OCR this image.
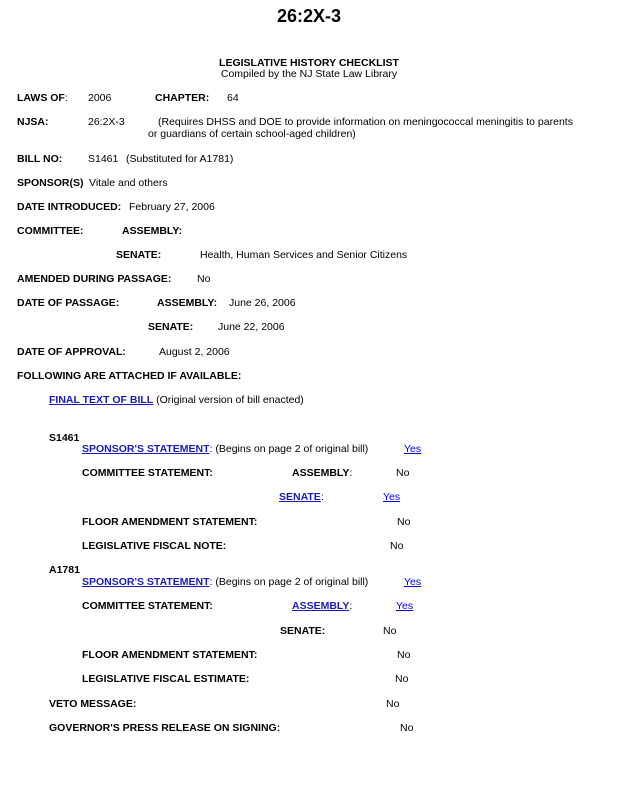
26:2X-3
LEGISLATIVE HISTORY CHECKLIST
Compiled by the NJ State Law Library
LAWS OF: 2006	CHAPTER: 64
NJSA:	26:2X-3	(Requires DHSS and DOE to provide information on meningococcal meningitis to parents
or guardians of certain school-aged children)
BILL NO: S1461 (Substituted for A1781)
SPONSOR(S) Vitale and others
DATE INTRODUCED: February 27, 2006
COMMITTEE:	ASSEMBLY:
SENATE:	Health, Human Services and Senior Citizens
AMENDED DURING PASSAGE: No
DATE OF PASSAGE:	ASSEMBLY: June 26, 2006
SENATE: June 22, 2006
DATE OF APPROVAL:	August 2, 2006
FOLLOWING ARE ATTACHED IF AVAILABLE:
FINAL TEXT OF BILL (Original version of bill enacted)
S1461
SPONSOR'S STATEMENT: (Begins on page 2 of original bill)	Yes
COMMITTEE STATEMENT:	ASSEMBLY:	No
SENATE:	Yes
FLOOR AMENDMENT STATEMENT:	No
LEGISLATIVE FISCAL NOTE:	No
A1781
SPONSOR'S STATEMENT: (Begins on page 2 of original bill)	Yes
COMMITTEE STATEMENT:	ASSEMBLY:	Yes
SENATE:	No
FLOOR AMENDMENT STATEMENT:	No
LEGISLATIVE FISCAL ESTIMATE:	No
VETO MESSAGE:	No
GOVERNOR'S PRESS RELEASE ON SIGNING:	No
